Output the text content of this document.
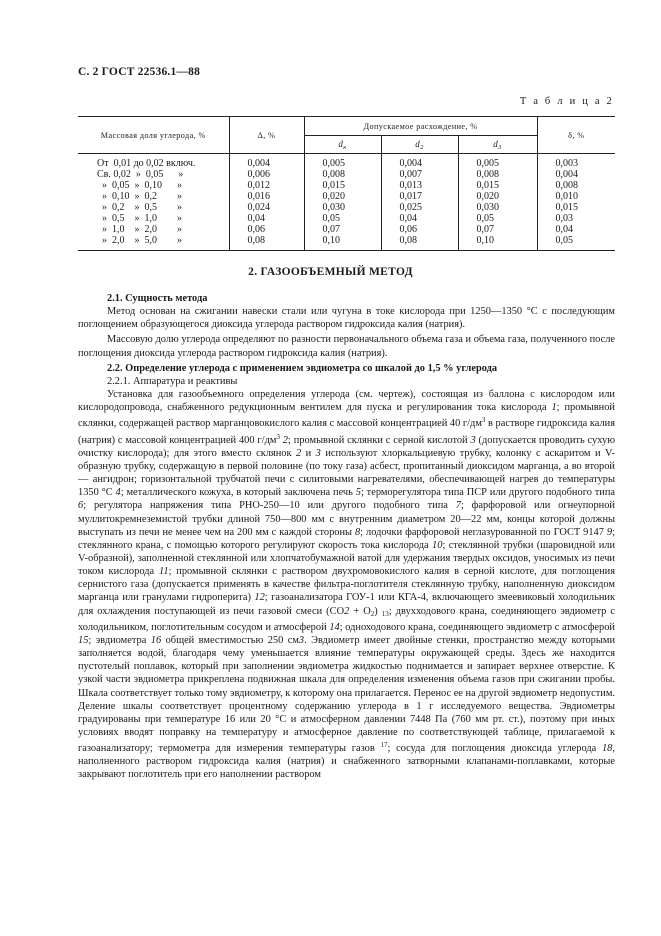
С. 2 ГОСТ 22536.1—88
Т а б л и ц а 2
Массовая доля углерода, %	Δ, %	Допускаемое расхождение, %			δ, %
		$d_к$	$d_2$	$d_3$
От  0,01 до 0,02 включ.	0,004	0,005	0,004	0,005	0,003
Св. 0,02  »  0,05      »	0,006	0,008	0,007	0,008	0,004
»  0,05  »  0,10      »	0,012	0,015	0,013	0,015	0,008
»  0,10  »  0,2        »	0,016	0,020	0,017	0,020	0,010
»  0,2    »  0,5        »	0,024	0,030	0,025	0,030	0,015
»  0,5    »  1,0        »	0,04	0,05	0,04	0,05	0,03
»  1,0    »  2,0        »	0,06	0,07	0,06	0,07	0,04
»  2,0    »  5,0        »	0,08	0,10	0,08	0,10	0,05
2. ГАЗООБЪЕМНЫЙ МЕТОД

2.1. Сущность метода

Метод основан на сжигании навески стали или чугуна в токе кислорода при 1250—1350 °С с последующим поглощением образующегося диоксида углерода раствором гидроксида калия (натрия).

Массовую долю углерода определяют по разности первоначального объема газа и объема газа, полученного после поглощения диоксида углерода раствором гидроксида калия (натрия).

2.2. Определение углерода с применением эвдиометра со шкалой до 1,5 % углерода

2.2.1. Аппаратура и реактивы

Установка для газообъемного определения углерода (см. чертеж), состоящая из баллона с кислородом или кислородопровода, снабженного редукционным вентилем для пуска и регулирования тока кислорода 1; промывной склянки, содержащей раствор марганцовокислого калия с массовой концентрацией 40 $г/дм^3$ в растворе гидроксида калия (натрия) с массовой концентрацией 400 $г/дм^3$ 2; промывной склянки с серной кислотой 3 (допускается проводить сухую очистку кислорода); для этого вместо склянок 2 и 3 используют хлоркальциевую трубку, колонку с аскаритом и V-образную трубку, содержащую в первой половине (по току газа) асбест, пропитанный диоксидом марганца, а во второй — ангидрон; горизонтальной трубчатой печи с силитовыми нагревателями, обеспечивающей нагрев до температуры 1350 °С 4; металлического кожуха, в который заключена печь 5; терморегулятора типа ПСР или другого подобного типа 6; регулятора напряжения типа РНО-250—10 или другого подобного типа 7; фарфоровой или огнеупорной муллитокремнеземистой трубки длиной 750—800 мм с внутренним диаметром 20—22 мм, концы которой должны выступать из печи не менее чем на 200 мм с каждой стороны 8; лодочки фарфоровой неглазурованной по ГОСТ 9147 9; стеклянного крана, с помощью которого регулируют скорость тока кислорода 10; стеклянной трубки (шаровидной или V-образной), заполненной стеклянной или хлопчатобумажной ватой для удержания твердых оксидов, уносимых из печи током кислорода 11; промывной склянки с раствором двухромовокислого калия в серной кислоте, для поглощения сернистого газа (допускается применять в качестве фильтра-поглотителя стеклянную трубку, наполненную диоксидом марганца или гранулами гидроперита) 12; газоанализатора ГОУ-1 или КГА-4, включающего змеевиковый холодильник для охлаждения поступающей из печи газовой смеси (СО2 + О2) 13; двухходового крана, соединяющего эвдиометр с холодильником, поглотительным сосудом и атмосферой 14; одноходового крана, соединяющего эвдиометр с атмосферой 15; эвдиометра 16 общей вместимостью 250 см3. Эвдиометр имеет двойные стенки, пространство между которыми заполняется водой, благодаря чему уменьшается влияние температуры окружающей среды. Здесь же находится пустотелый поплавок, который при заполнении эвдиометра жидкостью поднимается и запирает верхнее отверстие. К узкой части эвдиометра прикреплена подвижная шкала для определения изменения объема газов при сжигании пробы. Шкала соответствует только тому эвдиометру, к которому она прилагается. Перенос ее на другой эвдиометр недопустим. Деление шкалы соответствует процентному содержанию углерода в 1 г исследуемого вещества. Эвдиометры градуированы при температуре 16 или 20 °С и атмосферном давлении 7448 Па (760 мм рт. ст.), поэтому при иных условиях вводят поправку на температуру и атмосферное давление по соответствующей таблице, прилагаемой к газоанализатору; термометра для измерения температуры газов $^{17}$; сосуда для поглощения диоксида углерода 18, наполненного раствором гидроксида калия (натрия) и снабженного затворными клапанами-поплавками, которые закрывают поглотитель при его наполнении раствором
